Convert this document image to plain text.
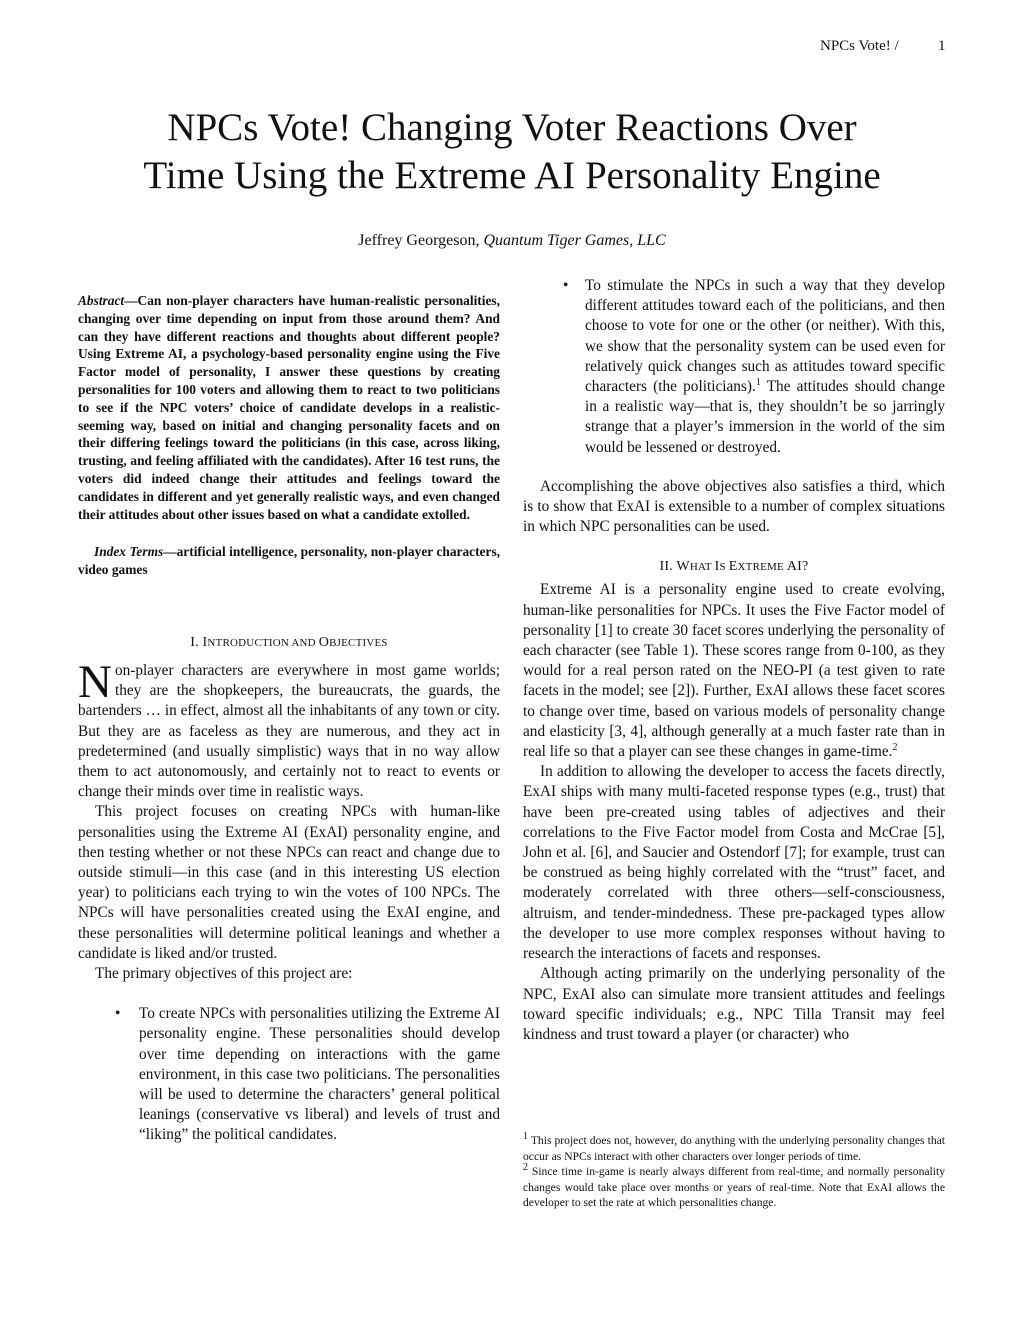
NPCs Vote! /	1
NPCs Vote! Changing Voter Reactions Over
Time Using the Extreme AI Personality Engine
Jeffrey Georgeson, Quantum Tiger Games, LLC

Abstract—Can non-player characters have human-realistic personalities, changing over time depending on input from those around them? And can they have different reactions and thoughts about different people? Using Extreme AI, a psychology-based personality engine using the Five Factor model of personality, I answer these questions by creating personalities for 100 voters and allowing them to react to two politicians to see if the NPC voters’ choice of candidate develops in a realistic-seeming way, based on initial and changing personality facets and on their differing feelings toward the politicians (in this case, across liking, trusting, and feeling affiliated with the candidates). After 16 test runs, the voters did indeed change their attitudes and feelings toward the candidates in different and yet generally realistic ways, and even changed their attitudes about other issues based on what a candidate extolled.

Index Terms—artificial intelligence, personality, non-player characters, video games

I. INTRODUCTION AND OBJECTIVES

Non-player characters are everywhere in most game worlds; they are the shopkeepers, the bureaucrats, the guards, the bartenders … in effect, almost all the inhabitants of any town or city. But they are as faceless as they are numerous, and they act in predetermined (and usually simplistic) ways that in no way allow them to act autonomously, and certainly not to react to events or change their minds over time in realistic ways.

This project focuses on creating NPCs with human-like personalities using the Extreme AI (ExAI) personality engine, and then testing whether or not these NPCs can react and change due to outside stimuli—in this case (and in this interesting US election year) to politicians each trying to win the votes of 100 NPCs. The NPCs will have personalities created using the ExAI engine, and these personalities will determine political leanings and whether a candidate is liked and/or trusted.

The primary objectives of this project are:

• To create NPCs with personalities utilizing the Extreme AI personality engine. These personalities should develop over time depending on interactions with the game environment, in this case two politicians. The personalities will be used to determine the characters’ general political leanings (conservative vs liberal) and levels of trust and “liking” the political candidates.
• To stimulate the NPCs in such a way that they develop different attitudes toward each of the politicians, and then choose to vote for one or the other (or neither). With this, we show that the personality system can be used even for relatively quick changes such as attitudes toward specific characters (the politicians).$^1$ The attitudes should change in a realistic way—that is, they shouldn’t be so jarringly strange that a player’s immersion in the world of the sim would be lessened or destroyed.

Accomplishing the above objectives also satisfies a third, which is to show that ExAI is extensible to a number of complex situations in which NPC personalities can be used.

II. WHAT IS EXTREME AI?

Extreme AI is a personality engine used to create evolving, human-like personalities for NPCs. It uses the Five Factor model of personality [1] to create 30 facet scores underlying the personality of each character (see Table 1). These scores range from 0-100, as they would for a real person rated on the NEO-PI (a test given to rate facets in the model; see [2]). Further, ExAI allows these facet scores to change over time, based on various models of personality change and elasticity [3, 4], although generally at a much faster rate than in real life so that a player can see these changes in game-time.$^2$

In addition to allowing the developer to access the facets directly, ExAI ships with many multi-faceted response types (e.g., trust) that have been pre-created using tables of adjectives and their correlations to the Five Factor model from Costa and McCrae [5], John et al. [6], and Saucier and Ostendorf [7]; for example, trust can be construed as being highly correlated with the “trust” facet, and moderately correlated with three others—self-consciousness, altruism, and tender-mindedness. These pre-packaged types allow the developer to use more complex responses without having to research the interactions of facets and responses.

Although acting primarily on the underlying personality of the NPC, ExAI also can simulate more transient attitudes and feelings toward specific individuals; e.g., NPC Tilla Transit may feel kindness and trust toward a player (or character) who

$^1$ This project does not, however, do anything with the underlying personality changes that occur as NPCs interact with other characters over longer periods of time.

$^2$ Since time in-game is nearly always different from real-time, and normally personality changes would take place over months or years of real-time. Note that ExAI allows the developer to set the rate at which personalities change.
